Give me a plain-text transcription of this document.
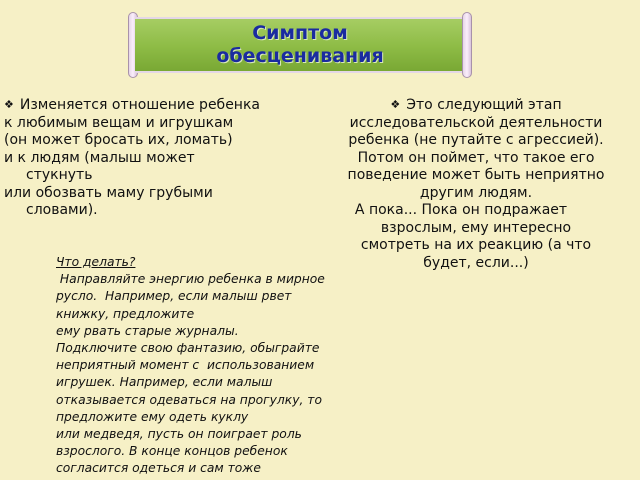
Симптом обесценивания
❖ Изменяется отношение ребенка
к любимым вещам и игрушкам
(он может бросать их, ломать)
и к людям (малыш может
стукнуть
или обозвать маму грубыми
словами).
❖ Это следующий этап
исследовательской деятельности
ребенка (не путайте с агрессией).
Потом он поймет, что такое его
поведение может быть неприятно
другим людям.
А пока... Пока он подражает
взрослым, ему интересно
смотреть на их реакцию (а что
будет, если...)
Что делать?
Направляйте энергию ребенка в мирное
русло.  Например, если малыш рвет
книжку, предложите
ему рвать старые журналы.
Подключите свою фантазию, обыграйте
неприятный момент с  использованием
игрушек. Например, если малыш
отказывается одеваться на прогулку, то
предложите ему одеть куклу
или медведя, пусть он поиграет роль
взрослого. В конце концов ребенок
согласится одеться и сам тоже
